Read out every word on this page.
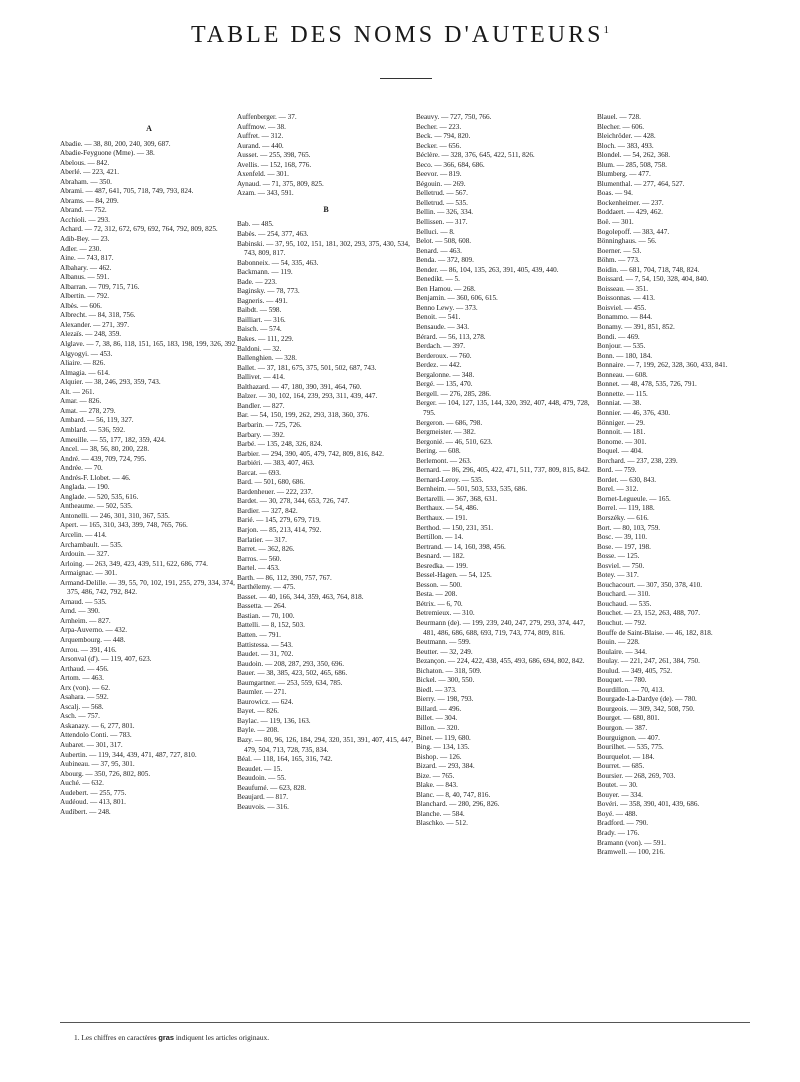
TABLE DES NOMS D'AUTEURS$^1$
A
Abadie. — 38, 80, 200, 240, 309, 687.
Abadie-Feyguone (Mme). — 38.
Abelous. — 842.
Aberlé. — 223, 421.
Abraham. — 350.
Abrami. — 487, 641, 705, 718, 749, 793, 824.
Abrams. — 84, 209.
Abrand. — 752.
Acchioli. — 293.
Achard. — 72, 312, 672, 679, 692, 764, 792, 809, 825.
Adib-Bey. — 23.
Adler. — 230.
Aine. — 743, 817.
Albahary. — 462.
Albanus. — 591.
Albarran. — 709, 715, 716.
Albertin. — 792.
Albès. — 606.
Albrecht. — 84, 318, 756.
Alexander. — 271, 397.
Alezaïs. — 248, 359.
Alglave. — 7, 38, 86, 118, 151, 165, 183, 198, 199, 326, 392.
Algyogyi. — 453.
Aliaire. — 826.
Almagia. — 614.
Alquier. — 38, 246, 293, 359, 743.
Alt. — 261.
Amar. — 826.
Amat. — 278, 279.
Ambard. — 56, 119, 327.
Amblard. — 536, 592.
Ameuille. — 55, 177, 182, 359, 424.
Ancel. — 38, 56, 80, 200, 228.
André. — 439, 709, 724, 795.
Andrée. — 70.
Andrés-F. Llobet. — 46.
Anglada. — 190.
Anglade. — 520, 535, 616.
Antheaume. — 502, 535.
Antonelli. — 246, 301, 310, 367, 535.
Apert. — 165, 310, 343, 399, 748, 765, 766.
Arcelin. — 414.
Archambault. — 535.
Ardouin. — 327.
Arloing. — 263, 349, 423, 439, 511, 622, 686, 774.
Armaignac. — 301.
Armand-Delille. — 39, 55, 70, 102, 191, 255, 279, 334, 374, 375, 486, 742, 792, 842.
Arnaud. — 535.
Arnd. — 390.
Arnheim. — 827.
Arpa-Auverno. — 432.
Arquembourg. — 448.
Arrou. — 391, 416.
Arsonval (d'). — 119, 407, 623.
Arthaud. — 456.
Artom. — 463.
Arx (von). — 62.
Asahara. — 592.
Ascalj. — 568.
Asch. — 757.
Askanazy. — 6, 277, 801.
Attendolo Conti. — 783.
Aubaret. — 301, 317.
Aubertin. — 119, 344, 439, 471, 487, 727, 810.
Aubineau. — 37, 95, 301.
Abourg. — 350, 726, 802, 805.
Auché. — 632.
Audebert. — 255, 775.
Audéoud. — 413, 801.
Audibert. — 248.
Auffenberger. — 37.
Auffmow. — 38.
Auffret. — 312.
Aurand. — 440.
Ausset. — 255, 398, 765.
Avellis. — 152, 168, 776.
Axenfeld. — 301.
Aynaud. — 71, 375, 809, 825.
Azam. — 343, 591.
B
Bab. — 485.
Babès. — 254, 377, 463.
Babinski. — 37, 95, 102, 151, 181, 302, 293, 375, 430, 534, 743, 809, 817.
Babonneix. — 54, 335, 463.
Backmann. — 119.
Bade. — 223.
Baginsky. — 78, 773.
Bagneris. — 491.
Baibdt. — 598.
Bailliart. — 316.
Baisch. — 574.
Bakes. — 111, 229.
Baldoni. — 32.
Ballenghien. — 328.
Ballet. — 37, 181, 675, 375, 501, 502, 687, 743.
Ballivet. — 414.
Balthazard. — 47, 180, 390, 391, 464, 760.
Balzer. — 30, 102, 164, 239, 293, 311, 439, 447.
Bandler. — 827.
Bar. — 54, 150, 199, 262, 293, 318, 360, 376.
Barbarin. — 725, 726.
Barbary. — 392.
Barbé. — 135, 248, 326, 824.
Barbier. — 294, 390, 405, 479, 742, 809, 816, 842.
Barbiéri. — 383, 407, 463.
Barcat. — 693.
Bard. — 501, 680, 686.
Bardenheuer. — 222, 237.
Bardet. — 30, 278, 344, 653, 726, 747.
Bardier. — 327, 842.
Barié. — 145, 279, 679, 719.
Barjon. — 85, 213, 414, 792.
Barlatier. — 317.
Barret. — 362, 826.
Barros. — 560.
Bartel. — 453.
Barth. — 86, 112, 390, 757, 767.
Barthélemy. — 475.
Basset. — 40, 166, 344, 359, 463, 764, 818.
Bassetta. — 264.
Bastian. — 70, 100.
Battelli. — 8, 152, 503.
Batten. — 791.
Battistessa. — 543.
Baudet. — 31, 702.
Baudoin. — 208, 287, 293, 350, 696.
Bauer. — 38, 385, 423, 502, 465, 686.
Baumgartner. — 253, 559, 634, 785.
Baumler. — 271.
Baurowicz. — 624.
Bayet. — 826.
Baylac. — 119, 136, 163.
Bayle. — 208.
Bazy. — 80, 96, 126, 184, 294, 320, 351, 391, 407, 415, 447, 479, 504, 713, 728, 735, 834.
Béal. — 118, 164, 165, 316, 742.
Beaudet. — 15.
Beaudoin. — 55.
Beaufumé. — 623, 828.
Beaujard. — 817.
Beauvois. — 316.
Beauvy. — 727, 750, 766.
Becher. — 223.
Beck. — 794, 820.
Becker. — 656.
Béclère. — 328, 376, 645, 422, 511, 826.
Beco. — 366, 684, 686.
Beevor. — 819.
Bégouin. — 269.
Belletrud. — 567.
Belletrud. — 535.
Bellin. — 326, 334.
Bellissen. — 317.
Belluci. — 8.
Belot. — 508, 608.
Benard. — 463.
Benda. — 372, 809.
Bender. — 86, 104, 135, 263, 391, 405, 439, 440.
Benedikt. — 5.
Ben Hamou. — 268.
Benjamin. — 360, 606, 615.
Benno Lewy. — 373.
Benoit. — 541.
Bensaude. — 343.
Bérard. — 56, 113, 278.
Berdach. — 397.
Berderoux. — 760.
Berdez. — 442.
Bergalonne. — 348.
Bergé. — 135, 470.
Bergell. — 276, 285, 286.
Berger. — 104, 127, 135, 144, 320, 392, 407, 448, 479, 728, 795.
Bergeron. — 686, 798.
Bergmeister. — 382.
Bergonié. — 46, 510, 623.
Bering. — 608.
Berlemont. — 263.
Bernard. — 86, 296, 405, 422, 471, 511, 737, 809, 815, 842.
Bernard-Leroy. — 535.
Bernheim. — 501, 503, 533, 535, 686.
Bertarelli. — 367, 368, 631.
Berthaux. — 54, 486.
Berthaux. — 191.
Berthod. — 150, 231, 351.
Bertillon. — 14.
Bertrand. — 14, 160, 398, 456.
Besnard. — 182.
Besredka. — 199.
Bessel-Hagen. — 54, 125.
Besson. — 500.
Besta. — 208.
Bétrix. — 6, 70.
Betremieux. — 310.
Beurmann (de). — 199, 239, 240, 247, 279, 293, 374, 447, 481, 486, 686, 688, 693, 719, 743, 774, 809, 816.
Beutmann. — 599.
Beutter. — 32, 249.
Bezançon. — 224, 422, 438, 455, 493, 686, 694, 802, 842.
Bichaton. — 318, 509.
Bickel. — 300, 550.
Biedl. — 373.
Bierry. — 198, 793.
Billard. — 496.
Billet. — 304.
Billon. — 320.
Binet. — 119, 680.
Bing. — 134, 135.
Bishop. — 126.
Bizard. — 293, 384.
Bize. — 765.
Blake. — 843.
Blanc. — 8, 40, 747, 816.
Blanchard. — 280, 296, 826.
Blanche. — 584.
Blaschko. — 512.
Blauel. — 728.
Blecher. — 606.
Bleichröder. — 428.
Bloch. — 383, 493.
Blondel. — 54, 262, 368.
Blum. — 285, 508, 758.
Blumberg. — 477.
Blumenthal. — 277, 464, 527.
Boas. — 94.
Bockenheimer. — 237.
Boddaert. — 429, 462.
Boë. — 301.
Bogolepoff. — 383, 447.
Bönninghaus. — 56.
Boerner. — 53.
Böhm. — 773.
Boidin. — 681, 704, 718, 748, 824.
Boissard. — 7, 54, 150, 328, 404, 840.
Boisseau. — 351.
Boissonnas. — 413.
Boisviel. — 455.
Bonammo. — 844.
Bonamy. — 391, 851, 852.
Bondi. — 469.
Bonjour. — 535.
Bonn. — 180, 184.
Bonnaire. — 7, 199, 262, 328, 360, 433, 841.
Bonneau. — 608.
Bonnet. — 48, 478, 535, 726, 791.
Bonnette. — 115.
Bonniat. — 38.
Bonnier. — 46, 376, 430.
Bönniger. — 29.
Bonnoit. — 181.
Bonome. — 301.
Boquel. — 404.
Borchard. — 237, 238, 239.
Bord. — 759.
Bordet. — 630, 843.
Borel. — 312.
Bornet-Legueule. — 165.
Borrel. — 119, 188.
Borszéky. — 616.
Bort. — 80, 103, 759.
Bosc. — 39, 110.
Bose. — 197, 198.
Bosse. — 125.
Bosviel. — 750.
Botey. — 317.
Bouchacourt. — 307, 350, 378, 410.
Bouchard. — 310.
Bouchaud. — 535.
Bouchet. — 23, 152, 263, 488, 707.
Bouchut. — 792.
Bouffe de Saint-Blaise. — 46, 182, 818.
Bouin. — 228.
Boulaire. — 344.
Boulay. — 221, 247, 261, 384, 750.
Boulud. — 349, 405, 752.
Bouquet. — 780.
Bourdillon. — 70, 413.
Bourgade-La-Dardye (de). — 780.
Bourgeois. — 309, 342, 508, 750.
Bourget. — 680, 801.
Bourgon. — 387.
Bourguignon. — 407.
Bourilhet. — 535, 775.
Bourquelot. — 184.
Bourret. — 685.
Boursier. — 268, 269, 703.
Boutet. — 30.
Bouyer. — 334.
Bovéri. — 358, 390, 401, 439, 686.
Boyé. — 488.
Bradford. — 790.
Brady. — 176.
Bramann (von). — 591.
Bramwell. — 100, 216.
1. Les chiffres en caractères gras indiquent les articles originaux.
